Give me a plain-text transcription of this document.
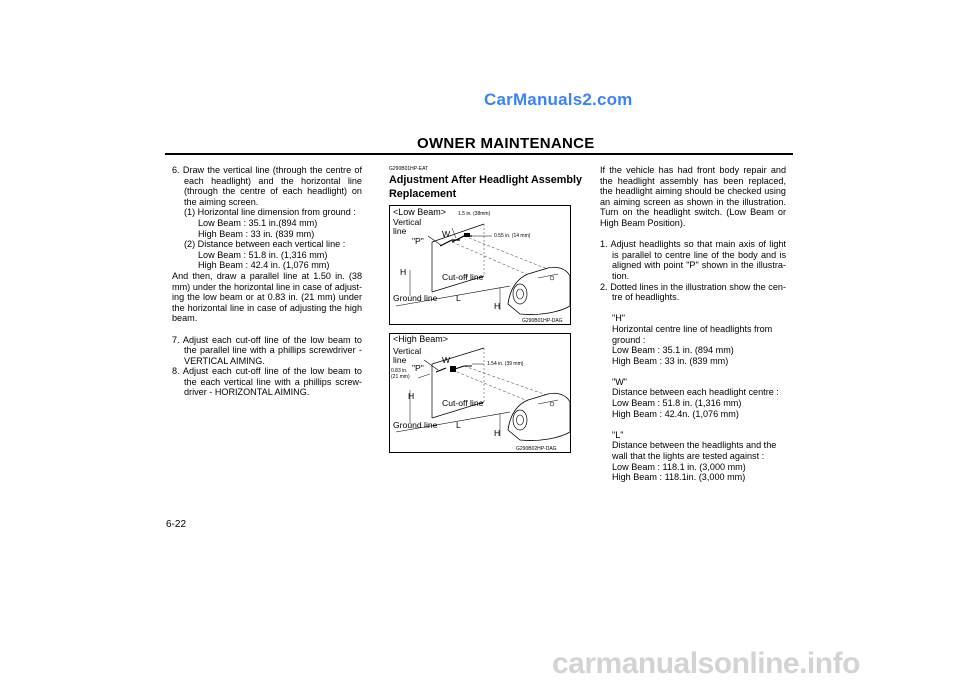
CarManuals2.com
OWNER MAINTENANCE

6. Draw the vertical line (through the centre of each headlight) and the horizontal line (through the centre of each headlight) on the aiming screen.

(1) Horizontal line dimension from ground :

Low Beam : 35.1 in.(894 mm)

High Beam : 33 in. (839 mm)

(2) Distance between each vertical line :

Low Beam : 51.8 in. (1,316 mm)

High Beam : 42.4 in. (1,076 mm)

And then, draw a parallel line at 1.50 in. (38 mm) under the horizontal line in case of adjust-ing the low beam or at 0.83 in. (21 mm) under the horizontal line in case of adjusting the high beam.

7. Adjust each cut-off line of the low beam to the parallel line with a phillips screwdriver - VERTICAL AIMING.

8. Adjust each cut-off line of the low beam to the each vertical line with a phillips screw-driver - HORIZONTAL AIMING.

G290B01HP-EAT
Adjustment After Headlight Assembly Replacement
<Low Beam>
Vertical
line
"P"
W
1.5 in. (38mm)
0.55 in. (14 mm)
H	Cut-off line
Ground line L
H
G290B01HP-DAG
<High Beam>
Vertical
line
"P"
W
0.83 in.
(21 mm)
1.54 in. (39 mm)
H
Cut-off line
Ground line L
H
G290B02HP-DAG

If the vehicle has had front body repair and the headlight assembly has been replaced, the headlight aiming should be checked using an aiming screen as shown in the illustration. Turn on the headlight switch. (Low Beam or High Beam Position).

1. Adjust headlights so that main axis of light is parallel to centre line of the body and is aligned with point "P" shown in the illustra-tion.

2. Dotted lines in the illustration show the cen-tre of headlights.

"H"

Horizontal centre line of headlights from ground :

Low Beam : 35.1 in. (894 mm)

High Beam : 33 in. (839 mm)

"W"

Distance between each headlight centre :

Low Beam : 51.8 in. (1,316 mm)

High Beam : 42.4n. (1,076 mm)

"L"

Distance between the headlights and the wall that the lights are tested against :

Low Beam : 118.1 in. (3,000 mm)

High Beam : 118.1in. (3,000 mm)

6-22
carmanualsonline.info
